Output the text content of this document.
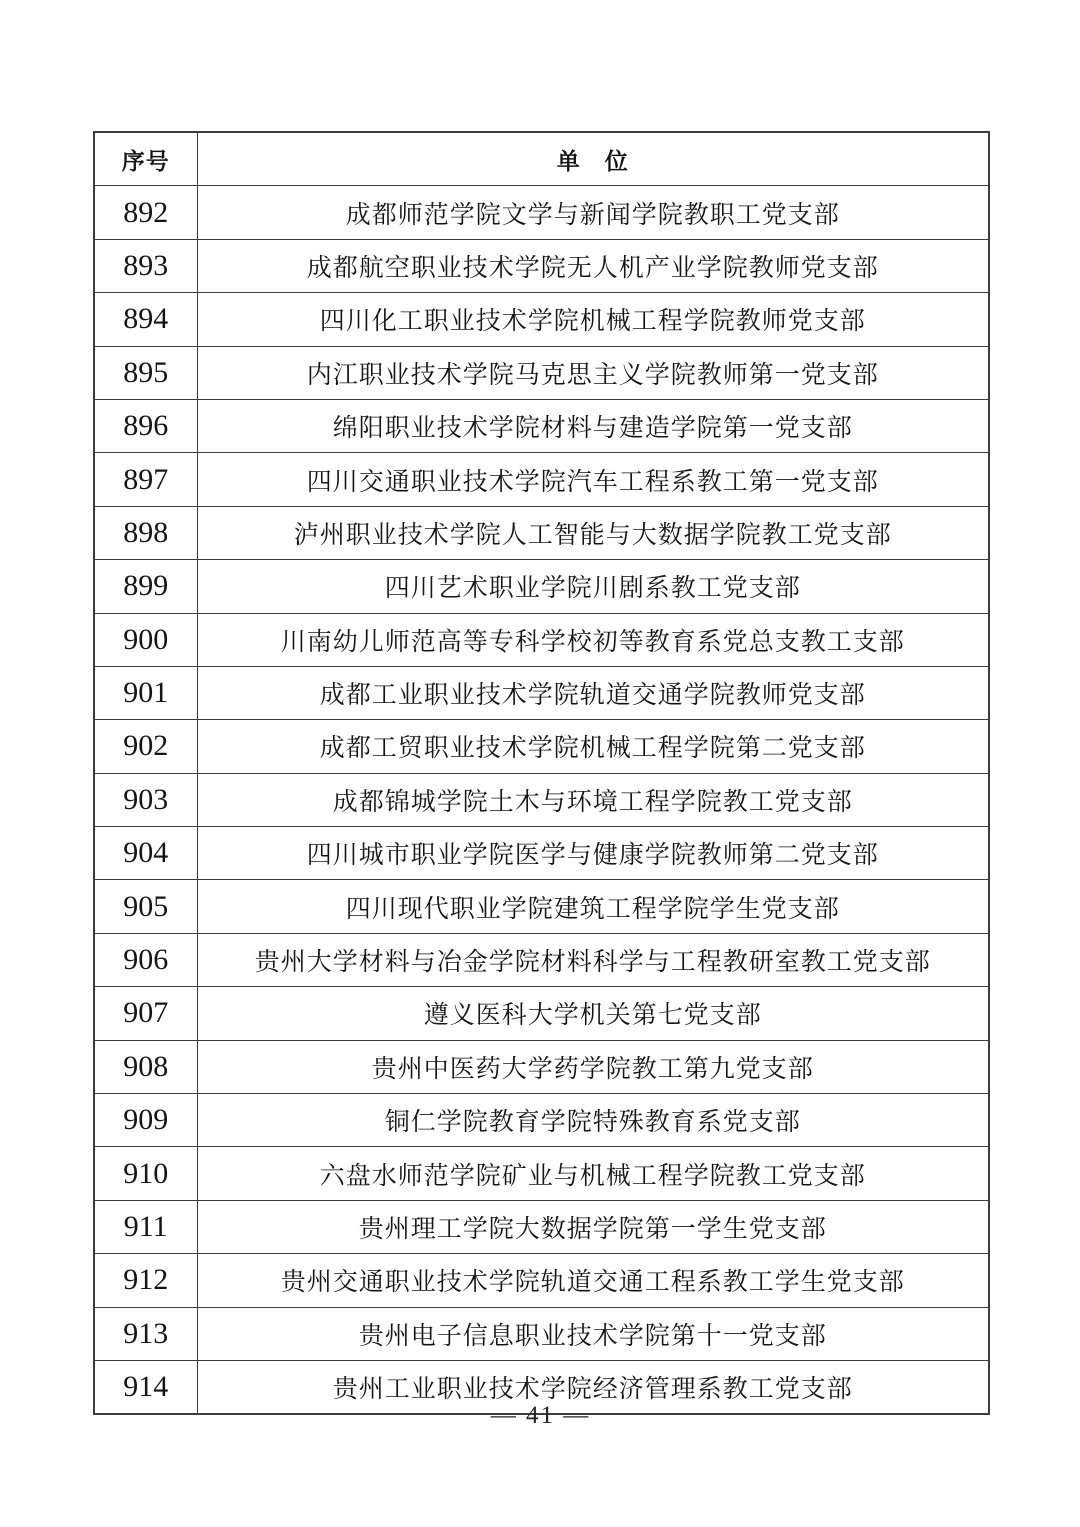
序号	单　位
892	成都师范学院文学与新闻学院教职工党支部
893	成都航空职业技术学院无人机产业学院教师党支部
894	四川化工职业技术学院机械工程学院教师党支部
895	内江职业技术学院马克思主义学院教师第一党支部
896	绵阳职业技术学院材料与建造学院第一党支部
897	四川交通职业技术学院汽车工程系教工第一党支部
898	泸州职业技术学院人工智能与大数据学院教工党支部
899	四川艺术职业学院川剧系教工党支部
900	川南幼儿师范高等专科学校初等教育系党总支教工支部
901	成都工业职业技术学院轨道交通学院教师党支部
902	成都工贸职业技术学院机械工程学院第二党支部
903	成都锦城学院土木与环境工程学院教工党支部
904	四川城市职业学院医学与健康学院教师第二党支部
905	四川现代职业学院建筑工程学院学生党支部
906	贵州大学材料与冶金学院材料科学与工程教研室教工党支部
907	遵义医科大学机关第七党支部
908	贵州中医药大学药学院教工第九党支部
909	铜仁学院教育学院特殊教育系党支部
910	六盘水师范学院矿业与机械工程学院教工党支部
911	贵州理工学院大数据学院第一学生党支部
912	贵州交通职业技术学院轨道交通工程系教工学生党支部
913	贵州电子信息职业技术学院第十一党支部
914	贵州工业职业技术学院经济管理系教工党支部
— 41 —
